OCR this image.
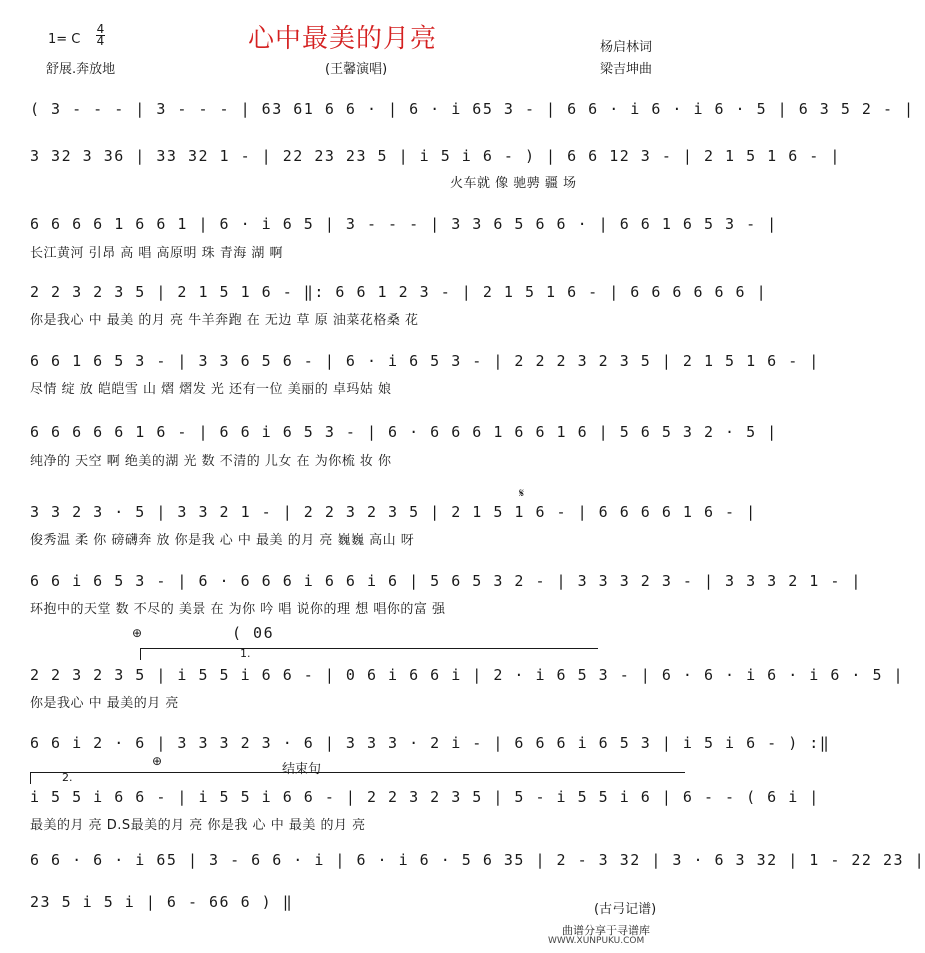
1= C
4
4
舒展.奔放地
心中最美的月亮
(王馨演唱)
杨启林词
梁吉坤曲
( 3 - - - | 3 - - - | 63 61 6 6 · | 6 · i 65 3 - | 6 6 · i 6 · i 6 · 5 | 6 3 5 2 - |
3 32 3 36 | 33 32 1 - | 22 23 23 5 | i 5 i 6 - ) | 6 6 12 3 - | 2 1 5 1 6 - |
火车就 像 驰骋 疆 场
6 6 6 6 1 6 6 1 | 6 · i 6 5 | 3 - - - | 3 3 6 5 6 6 · | 6 6 1 6 5 3 - |
长江黄河 引昂 高 唱 高原明 珠 青海 湖 啊
2 2 3 2 3 5 | 2 1 5 1 6 - ‖: 6 6 1 2 3 - | 2 1 5 1 6 - | 6 6 6 6 6 6 |
你是我心 中 最美 的月 亮 牛羊奔跑 在 无边 草 原 油菜花格桑 花
6 6 1 6 5 3 - | 3 3 6 5 6 - | 6 · i 6 5 3 - | 2 2 2 3 2 3 5 | 2 1 5 1 6 - |
尽情 绽 放 皑皑雪 山 熠 熠发 光 还有一位 美丽的 卓玛姑 娘
6 6 6 6 6 1 6 - | 6 6 i 6 5 3 - | 6 · 6 6 6 1 6 6 1 6 | 5 6 5 3 2 · 5 |
纯净的 天空 啊 绝美的湖 光 数 不清的 儿女 在 为你梳 妆 你
𝄋
3 3 2 3 · 5 | 3 3 2 1 - | 2 2 3 2 3 5 | 2 1 5 1 6 - | 6 6 6 6 1 6 - |
俊秀温 柔 你 磅礴奔 放 你是我 心 中 最美 的月 亮 巍巍 高山 呀
6 6 i 6 5 3 - | 6 · 6 6 6 i 6 6 i 6 | 5 6 5 3 2 - | 3 3 3 2 3 - | 3 3 3 2 1 - |
环抱中的天堂 数 不尽的 美景 在 为你 吟 唱 说你的理 想 唱你的富 强
⊕	( 06
1.
2 2 3 2 3 5 | i 5 5 i 6 6 - | 0 6 i 6 6 i | 2 · i 6 5 3 - | 6 · 6 · i 6 · i 6 · 5 |
你是我心 中 最美的月 亮
6 6 i 2 · 6 | 3 3 3 2 3 · 6 | 3 3 3 · 2 i - | 6 6 6 i 6 5 3 | i 5 i 6 - ) :‖
2.
⊕
结束句
i 5 5 i 6 6 - | i 5 5 i 6 6 - | 2 2 3 2 3 5 | 5 - i 5 5 i 6 | 6 - - ( 6 i |
最美的月 亮 D.S最美的月 亮 你是我 心 中 最美 的月 亮
6 6 · 6 · i 65 | 3 - 6 6 · i | 6 · i 6 · 5 6 35 | 2 - 3 32 | 3 · 6 3 32 | 1 - 22 23 |
23 5 i 5 i | 6 - 66 6 ) ‖	(古弓记谱)
曲谱分享于寻谱库
WWW.XUNPUKU.COM
